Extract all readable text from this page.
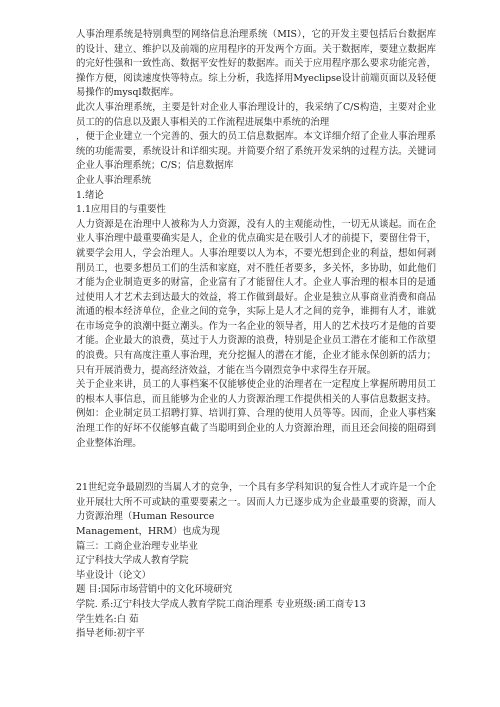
人事治理系统是特别典型的网络信息治理系统（MIS），它的开发主要包括后台数据库的设计、建立、维护以及前端的应用程序的开发两个方面。关于数据库，要建立数据库的完好性强和一致性高、数据平安性好的数据库。而关于应用程序那么要求功能完善，操作方便，阅读速度快等特点。综上分析，我选择用Myeclipse设计前端页面以及轻便易操作的mysql数据库。

此次人事治理系统，主要是针对企业人事治理设计的，我采纳了C/S构造，主要对企业员工的的信息以及跟人事相关的工作流程进展集中系统的治理

，便于企业建立一个完善的、强大的员工信息数据库。本文详细介绍了企业人事治理系统的功能需要，系统设计和详细实现。并简要介绍了系统开发采纳的过程方法。关键词 企业人事治理系统；C/S；信息数据库

企业人事治理系统
1.绪论
1.1应用目的与重要性

人力资源是在治理中人被称为人力资源，没有人的主观能动性，一切无从谈起。而在企业人事治理中最重要确实是人，企业的优点确实是在吸引人才的前提下，要留住骨干，就要学会用人，学会治理人。人事治理要以人为本，不要光想到企业的利益，想如何剥削员工，也要多想员工们的生活和家庭，对不胜任者要多，多关怀，多协助，如此他们才能为企业制造更多的财富，企业富有了才能留住人才。企业人事治理的根本目的是通过使用人才艺术去到达最大的效益，将工作做到最好。企业是独立从事商业消费和商品流通的根本经济单位，企业之间的竞争，实际上是人才之间的竞争，谁拥有人才，谁就在市场竞争的浪潮中挺立潮头。作为一名企业的领导者，用人的艺术技巧才是他的首要才能。企业最大的浪费，莫过于人力资源的浪费，特别是企业员工潜在才能和工作欲望的浪费。只有高度注重人事治理，充分挖掘人的潜在才能，企业才能永保创新的活力；只有开展消费力，提高经济效益，才能在当今剧烈竞争中求得生存开展。

关于企业来讲，员工的人事档案不仅能够使企业的治理者在一定程度上掌握所聘用员工的根本人事信息，而且能够为企业的人力资源治理工作提供相关的人事信息数据支持。例如：企业制定员工招聘打算、培训打算、合理的使用人员等等。因而，企业人事档案治理工作的好坏不仅能够直截了当聪明到企业的人力资源治理，而且还会间接的阻碍到企业整体治理。

21世纪竞争最剧烈的当属人才的竞争，一个具有多学科知识的复合性人才或许是一个企业开展壮大所不可或缺的重要要素之一。因而人力已逐步成为企业最重要的资源，而人力资源治理（Human Resource

Management，HRM）也成为现
篇三：工商企业治理专业毕业
辽宁科技大学成人教育学院
毕业设计（论文）
题 目:国际市场营销中的文化环境研究
学院. 系:辽宁科技大学成人教育学院工商治理系 专业班级:函工商专13
学生姓名:白 茹
指导老师:初宇平
